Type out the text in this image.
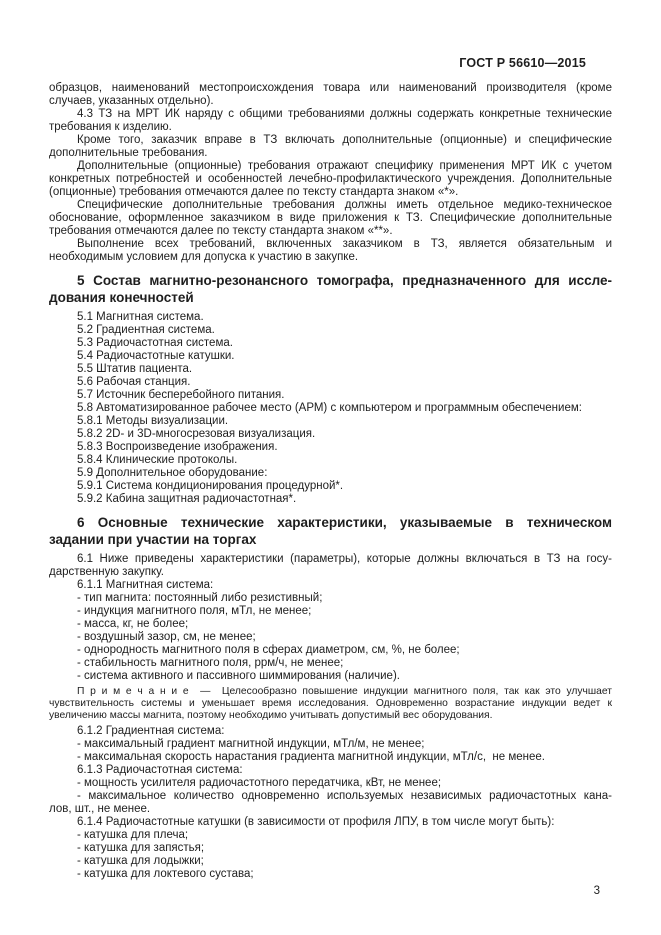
ГОСТ Р 56610—2015
образцов, наименований местопроисхождения товара или наименований производителя (кроме
случаев, указанных отдельно).
4.3 ТЗ на МРТ ИК наряду с общими требованиями должны содержать конкретные технические
требования к изделию.
Кроме того, заказчик вправе в ТЗ включать дополнительные (опционные) и специфические
дополнительные требования.
Дополнительные (опционные) требования отражают специфику применения МРТ ИК с учетом
конкретных потребностей и особенностей лечебно-профилактического учреждения. Дополнительные
(опционные) требования отмечаются далее по тексту стандарта знаком «*».
Специфические дополнительные требования должны иметь отдельное медико-техническое
обоснование, оформленное заказчиком в виде приложения к ТЗ. Специфические дополнительные
требования отмечаются далее по тексту стандарта знаком «**».
Выполнение всех требований, включенных заказчиком в ТЗ, является обязательным и
необходимым условием для допуска к участию в закупке.
5 Состав магнитно-резонансного томографа, предназначенного для иссле-
дования конечностей
5.1 Магнитная система.
5.2 Градиентная система.
5.3 Радиочастотная система.
5.4 Радиочастотные катушки.
5.5 Штатив пациента.
5.6 Рабочая станция.
5.7 Источник бесперебойного питания.
5.8 Автоматизированное рабочее место (АРМ) с компьютером и программным обеспечением:
5.8.1 Методы визуализации.
5.8.2 2D- и 3D-многосрезовая визуализация.
5.8.3 Воспроизведение изображения.
5.8.4 Клинические протоколы.
5.9 Дополнительное оборудование:
5.9.1 Система кондиционирования процедурной*.
5.9.2 Кабина защитная радиочастотная*.
6 Основные технические характеристики, указываемые в техническом
задании при участии на торгах
6.1 Ниже приведены характеристики (параметры), которые должны включаться в ТЗ на госу-
дарственную закупку.
6.1.1 Магнитная система:
- тип магнита: постоянный либо резистивный;
- индукция магнитного поля, мТл, не менее;
- масса, кг, не более;
- воздушный зазор, см, не менее;
- однородность магнитного поля в сферах диаметром, см, %, не более;
- стабильность магнитного поля, ррм/ч, не менее;
- система активного и пассивного шиммирования (наличие).
П р и м е ч а н и е  —  Целесообразно повышение индукции магнитного поля, так как это улучшает
чувствительность системы и уменьшает время исследования. Одновременно возрастание индукции ведет к
увеличению массы магнита, поэтому необходимо учитывать допустимый вес оборудования.
6.1.2 Градиентная система:
- максимальный градиент магнитной индукции, мТл/м, не менее;
- максимальная скорость нарастания градиента магнитной индукции, мТл/с,  не менее.
6.1.3 Радиочастотная система:
- мощность усилителя радиочастотного передатчика, кВт, не менее;
- максимальное количество одновременно используемых независимых радиочастотных кана-
лов, шт., не менее.
6.1.4 Радиочастотные катушки (в зависимости от профиля ЛПУ, в том числе могут быть):
- катушка для плеча;
- катушка для запястья;
- катушка для лодыжки;
- катушка для локтевого сустава;
3
